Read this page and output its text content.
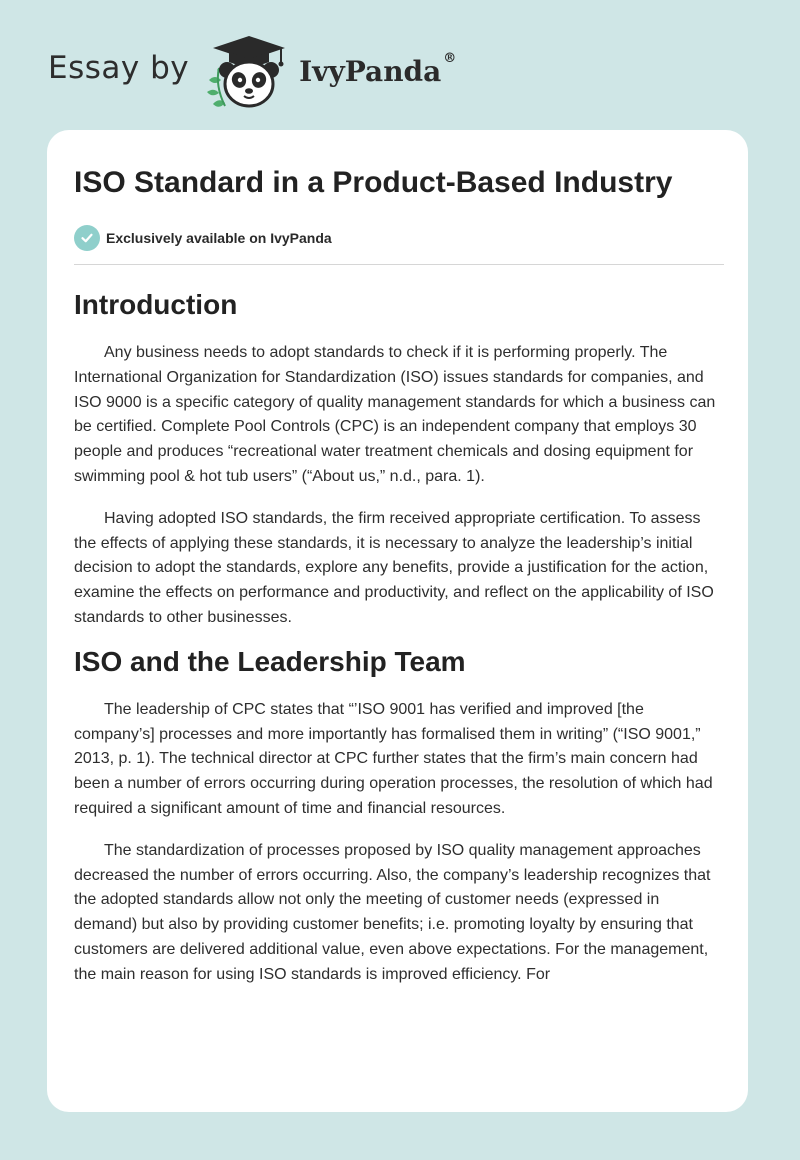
Essay by	IvyPanda ®
ISO Standard in a Product-Based Industry
Exclusively available on IvyPanda
Introduction

Any business needs to adopt standards to check if it is performing properly. The International Organization for Standardization (ISO) issues standards for companies, and ISO 9000 is a specific category of quality management standards for which a business can be certified. Complete Pool Controls (CPC) is an independent company that employs 30 people and produces “recreational water treatment chemicals and dosing equipment for swimming pool & hot tub users” (“About us,” n.d., para. 1).

Having adopted ISO standards, the firm received appropriate certification. To assess the effects of applying these standards, it is necessary to analyze the leadership’s initial decision to adopt the standards, explore any benefits, provide a justification for the action, examine the effects on performance and productivity, and reflect on the applicability of ISO standards to other businesses.

ISO and the Leadership Team

The leadership of CPC states that “’ISO 9001 has verified and improved [the company’s] processes and more importantly has formalised them in writing” (“ISO 9001,” 2013, p. 1). The technical director at CPC further states that the firm’s main concern had been a number of errors occurring during operation processes, the resolution of which had required a significant amount of time and financial resources.

The standardization of processes proposed by ISO quality management approaches decreased the number of errors occurring. Also, the company’s leadership recognizes that the adopted standards allow not only the meeting of customer needs (expressed in demand) but also by providing customer benefits; i.e. promoting loyalty by ensuring that customers are delivered additional value, even above expectations. For the management, the main reason for using ISO standards is improved efficiency. For
